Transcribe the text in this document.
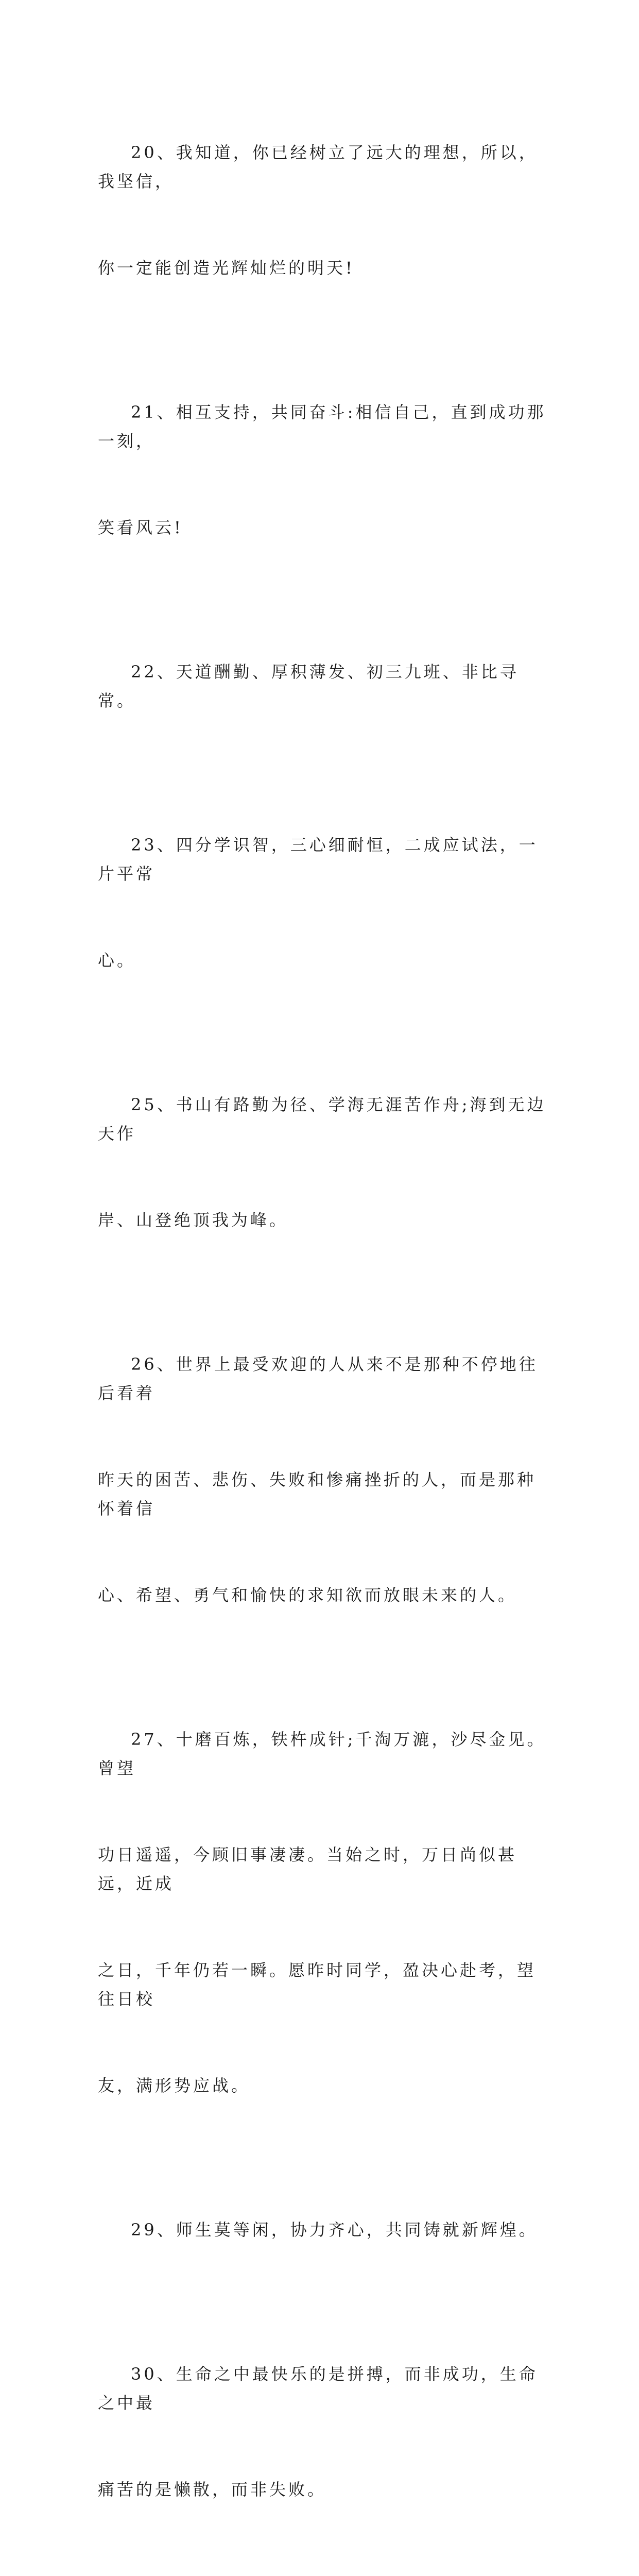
20、我知道，你已经树立了远大的理想，所以，我坚信，

你一定能创造光辉灿烂的明天!

21、相互支持，共同奋斗:相信自己，直到成功那一刻，

笑看风云!

22、天道酬勤、厚积薄发、初三九班、非比寻常。

23、四分学识智，三心细耐恒，二成应试法，一片平常

心。

25、书山有路勤为径、学海无涯苦作舟;海到无边天作

岸、山登绝顶我为峰。

26、世界上最受欢迎的人从来不是那种不停地往后看着

昨天的困苦、悲伤、失败和惨痛挫折的人，而是那种怀着信

心、希望、勇气和愉快的求知欲而放眼未来的人。

27、十磨百炼，铁杵成针;千淘万漉，沙尽金见。曾望

功日遥遥，今顾旧事凄凄。当始之时，万日尚似甚远，近成

之日，千年仍若一瞬。愿昨时同学，盈决心赴考，望往日校

友，满形势应战。

29、师生莫等闲，协力齐心，共同铸就新辉煌。

30、生命之中最快乐的是拼搏，而非成功，生命之中最

痛苦的是懒散，而非失败。
